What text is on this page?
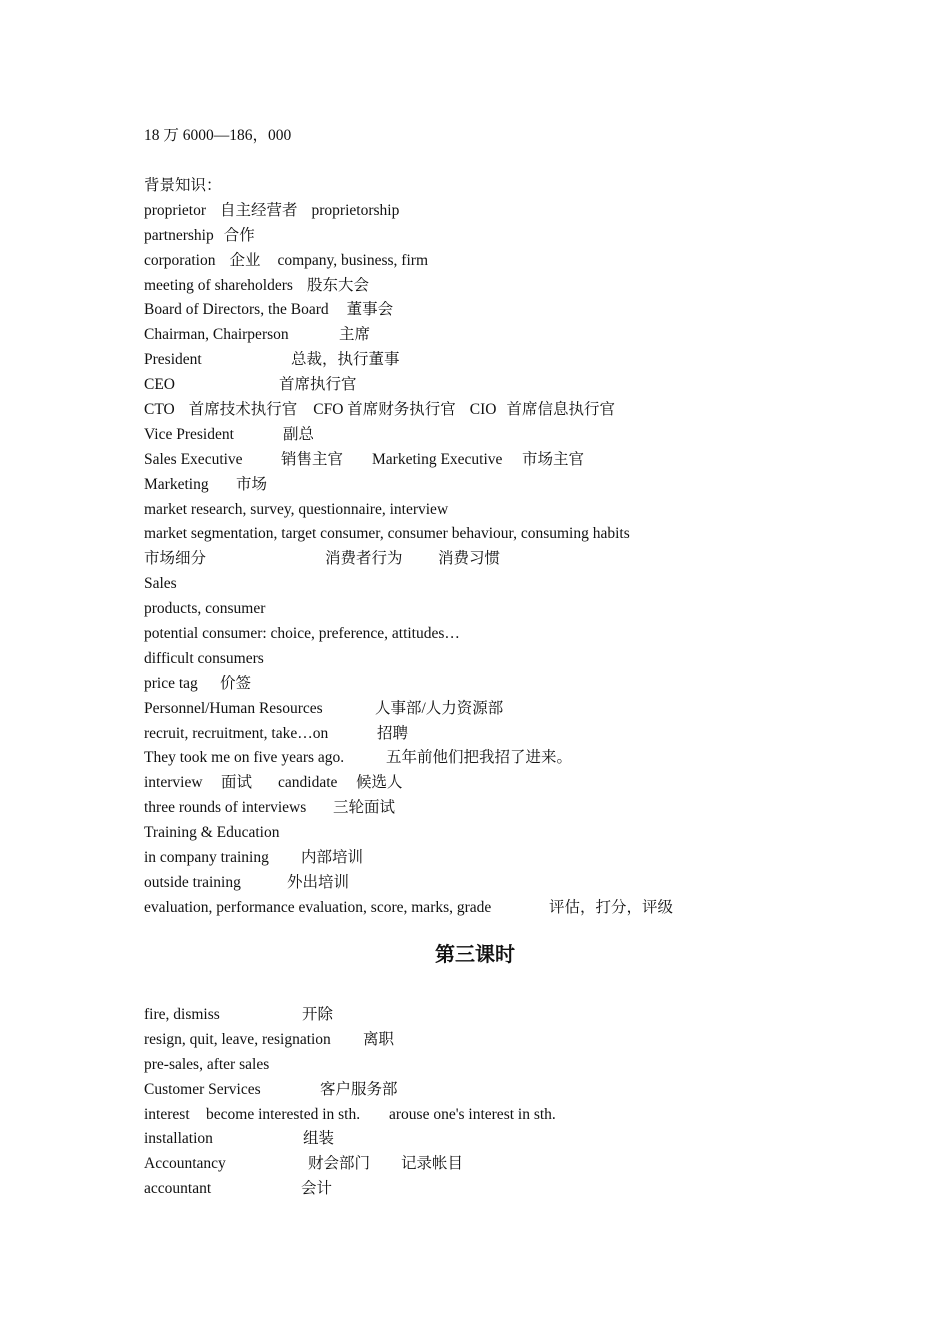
18 万 6000—186，000
背景知识：
proprietor 自主经营者 proprietorship
partnership 合作
corporation 企业 company, business, firm
meeting of shareholders 股东大会
Board of Directors, the Board 董事会
Chairman, Chairperson	主席
President	总裁，执行董事
CEO	首席执行官
CTO 首席技术执行官 CFO 首席财务执行官 CIO 首席信息执行官
Vice President	副总
Sales Executive 销售主官 Marketing Executive 市场主官
Marketing 市场
market research, survey, questionnaire, interview
market segmentation, target consumer, consumer behaviour, consuming habits
市场细分	消费者行为 消费习惯
Sales
products, consumer
potential consumer: choice, preference, attitudes…
difficult consumers
price tag 价签
Personnel/Human Resources	人事部/人力资源部
recruit, recruitment, take…on	招聘
They took me on five years ago.	五年前他们把我招了进来。
interview 面试 candidate 候选人
three rounds of interviews 三轮面试
Training & Education
in company training 内部培训
outside training	外出培训
evaluation, performance evaluation, score, marks, grade	评估，打分，评级
第三课时
fire, dismiss	开除
resign, quit, leave, resignation 离职
pre-sales, after sales
Customer Services	客户服务部
interest become interested in sth. arouse one's interest in sth.
installation	组装
Accountancy	财会部门 记录帐目
accountant	会计
